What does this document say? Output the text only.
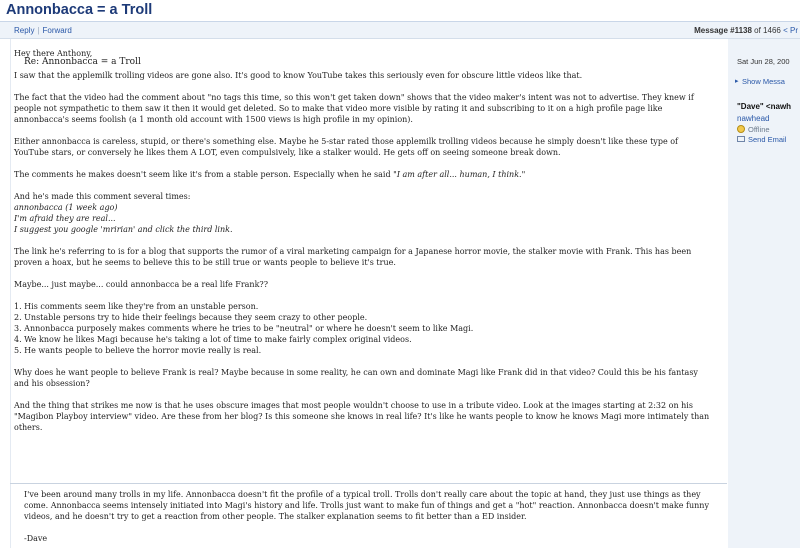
Annonbacca = a Troll
Reply | Forward	Message #1138 of 1466 < Pr
Re: Annonbacca = a Troll

Hey there Anthony,

I saw that the applemilk trolling videos are gone also. It's good to know YouTube takes this seriously even for obscure little videos like that.

The fact that the video had the comment about "no tags this time, so this won't get taken down" shows that the video maker's intent was not to advertise. They knew if people not sympathetic to them saw it then it would get deleted. So to make that video more visible by rating it and subscribing to it on a high profile page like annonbacca's seems foolish (a 1 month old account with 1500 views is high profile in my opinion).

Either annonbacca is careless, stupid, or there's something else. Maybe he 5-star rated those applemilk trolling videos because he simply doesn't like these type of YouTube stars, or conversely he likes them A LOT, even compulsively, like a stalker would. He gets off on seeing someone break down.

The comments he makes doesn't seem like it's from a stable person. Especially when he said "I am after all... human, I think."

And he's made this comment several times:
annonbacca (1 week ago)
I'm afraid they are real...
I suggest you google 'mririan' and click the third link.

The link he's referring to is for a blog that supports the rumor of a viral marketing campaign for a Japanese horror movie, the stalker movie with Frank. This has been proven a hoax, but he seems to believe this to be still true or wants people to believe it's true.

Maybe... just maybe... could annonbacca be a real life Frank??

1. His comments seem like they're from an unstable person.
2. Unstable persons try to hide their feelings because they seem crazy to other people.
3. Annonbacca purposely makes comments where he tries to be "neutral" or where he doesn't seem to like Magi.
4. We know he likes Magi because he's taking a lot of time to make fairly complex original videos.
5. He wants people to believe the horror movie really is real.

Why does he want people to believe Frank is real? Maybe because in some reality, he can own and dominate Magi like Frank did in that video? Could this be his fantasy and his obsession?

And the thing that strikes me now is that he uses obscure images that most people wouldn't choose to use in a tribute video. Look at the images starting at 2:32 on his "Magibon Playboy interview" video. Are these from her blog? Is this someone she knows in real life? It's like he wants people to know he knows Magi more intimately than others.

I've been around many trolls in my life. Annonbacca doesn't fit the profile of a typical troll. Trolls don't really care about the topic at hand, they just use things as they come. Annonbacca seems intensely initiated into Magi's history and life. Trolls just want to make fun of things and get a "hot" reaction. Annonbacca doesn't make funny videos, and he doesn't try to get a reaction from other people. The stalker explanation seems to fit better than a ED insider.

-Dave

Sat Jun 28, 200
▸ Show Messa
"Dave" <nawh
nawhead
Offline
Send Email
